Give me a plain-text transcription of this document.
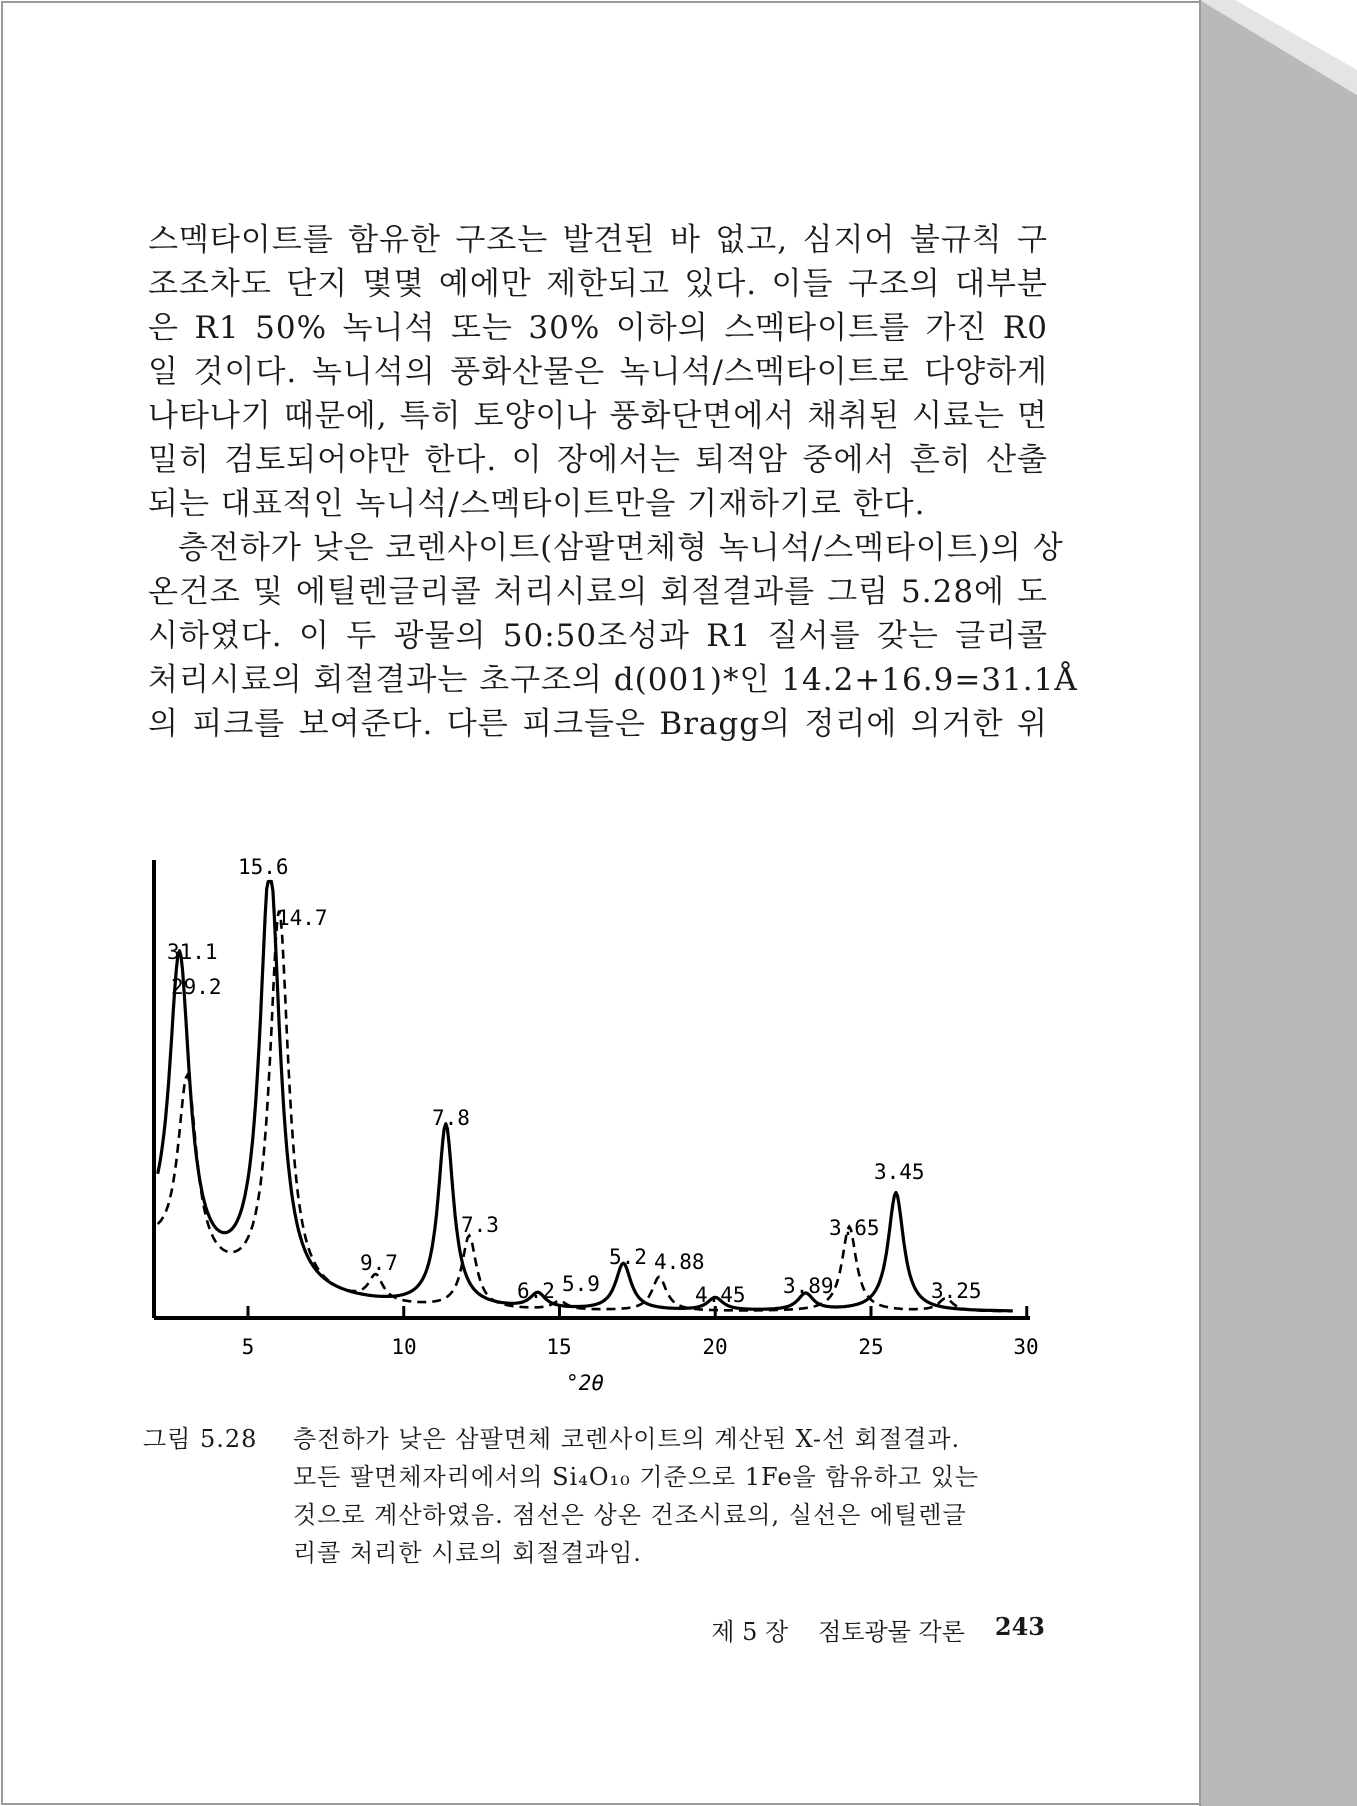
스멕타이트를 함유한 구조는 발견된 바 없고, 심지어 불규칙 구
조조차도 단지 몇몇 예에만 제한되고 있다. 이들 구조의 대부분
은 R1 50% 녹니석 또는 30% 이하의 스멕타이트를 가진 R0
일 것이다. 녹니석의 풍화산물은 녹니석/스멕타이트로 다양하게
나타나기 때문에, 특히 토양이나 풍화단면에서 채취된 시료는 면
밀히 검토되어야만 한다. 이 장에서는 퇴적암 중에서 흔히 산출
되는 대표적인 녹니석/스멕타이트만을 기재하기로 한다.
층전하가 낮은 코렌사이트(삼팔면체형 녹니석/스멕타이트)의 상
온건조 및 에틸렌글리콜 처리시료의 회절결과를 그림 5.28에 도
시하였다. 이 두 광물의 50:50조성과 R1 질서를 갖는 글리콜
처리시료의 회절결과는 초구조의 d(001)*인 14.2+16.9=31.1Å
의 피크를 보여준다. 다른 피크들은 Bragg의 정리에 의거한 위
5	10	15	20	25	30
°2θ
15.6
14.7
31.1
29.2
7.8
3.45
7.3	3.65
9.7	5.2 4.88
6.2 5.9	4.45 3.89	3.25
그림 5.28 층전하가 낮은 삼팔면체 코렌사이트의 계산된 X-선 회절결과.
모든 팔면체자리에서의 Si₄O₁₀ 기준으로 1Fe을 함유하고 있는
것으로 계산하였음. 점선은 상온 건조시료의, 실선은 에틸렌글
리콜 처리한 시료의 회절결과임.
제 5 장 점토광물 각론 243
